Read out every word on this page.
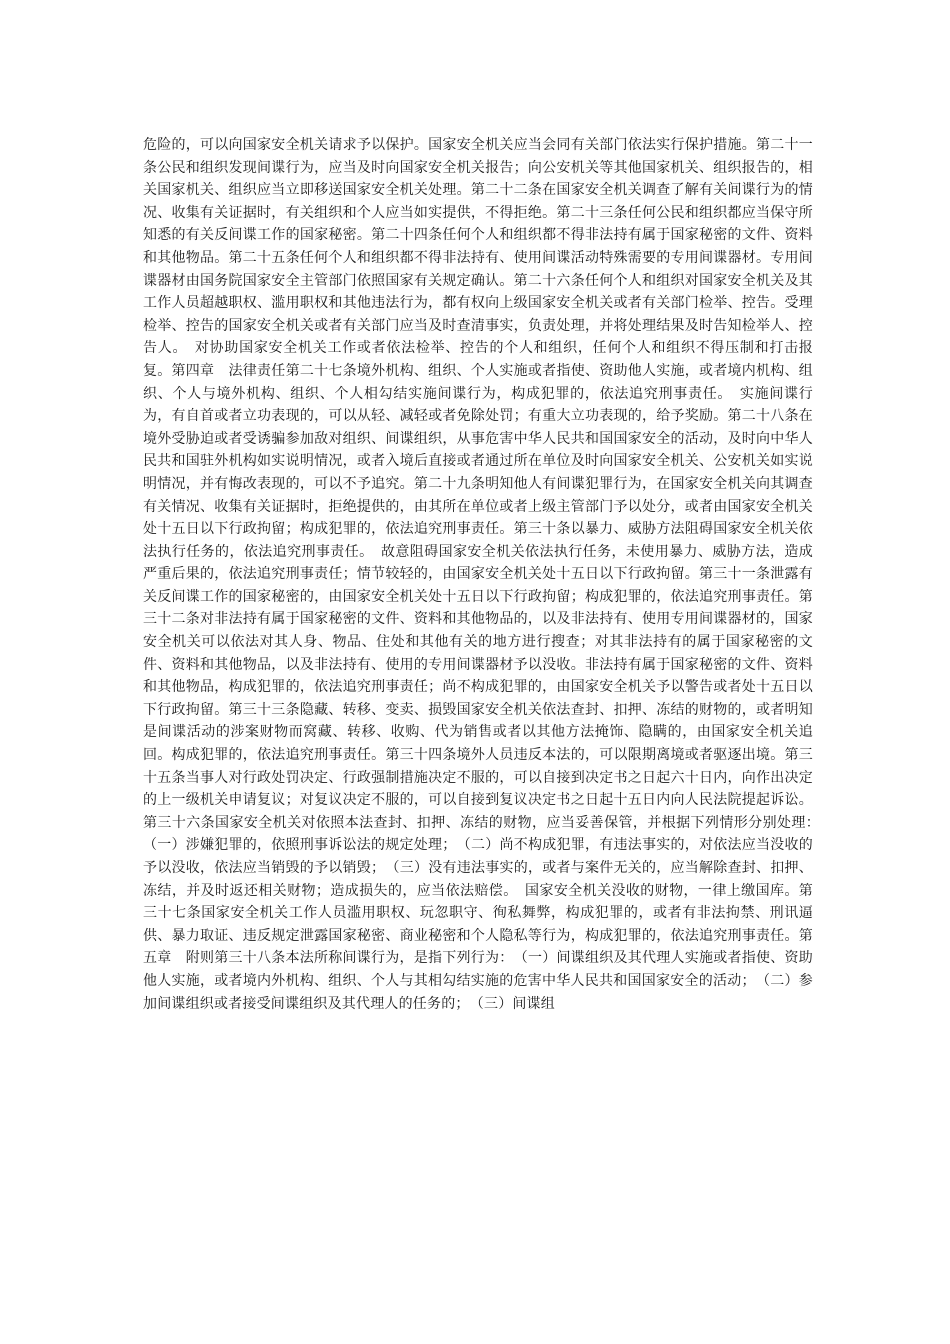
危险的，可以向国家安全机关请求予以保护。国家安全机关应当会同有关部门依法实行保护措施。第二十一条公民和组织发现间谍行为，应当及时向国家安全机关报告；向公安机关等其他国家机关、组织报告的，相关国家机关、组织应当立即移送国家安全机关处理。第二十二条在国家安全机关调查了解有关间谍行为的情况、收集有关证据时，有关组织和个人应当如实提供，不得拒绝。第二十三条任何公民和组织都应当保守所知悉的有关反间谍工作的国家秘密。第二十四条任何个人和组织都不得非法持有属于国家秘密的文件、资料和其他物品。第二十五条任何个人和组织都不得非法持有、使用间谍活动特殊需要的专用间谍器材。专用间谍器材由国务院国家安全主管部门依照国家有关规定确认。第二十六条任何个人和组织对国家安全机关及其工作人员超越职权、滥用职权和其他违法行为，都有权向上级国家安全机关或者有关部门检举、控告。受理检举、控告的国家安全机关或者有关部门应当及时查清事实，负责处理，并将处理结果及时告知检举人、控告人。　对协助国家安全机关工作或者依法检举、控告的个人和组织，任何个人和组织不得压制和打击报复。第四章　法律责任第二十七条境外机构、组织、个人实施或者指使、资助他人实施，或者境内机构、组织、个人与境外机构、组织、个人相勾结实施间谍行为，构成犯罪的，依法追究刑事责任。　实施间谍行为，有自首或者立功表现的，可以从轻、减轻或者免除处罚；有重大立功表现的，给予奖励。第二十八条在境外受胁迫或者受诱骗参加敌对组织、间谍组织，从事危害中华人民共和国国家安全的活动，及时向中华人民共和国驻外机构如实说明情况，或者入境后直接或者通过所在单位及时向国家安全机关、公安机关如实说明情况，并有悔改表现的，可以不予追究。第二十九条明知他人有间谍犯罪行为，在国家安全机关向其调查有关情况、收集有关证据时，拒绝提供的，由其所在单位或者上级主管部门予以处分，或者由国家安全机关处十五日以下行政拘留；构成犯罪的，依法追究刑事责任。第三十条以暴力、威胁方法阻碍国家安全机关依法执行任务的，依法追究刑事责任。　故意阻碍国家安全机关依法执行任务，未使用暴力、威胁方法，造成严重后果的，依法追究刑事责任；情节较轻的，由国家安全机关处十五日以下行政拘留。第三十一条泄露有关反间谍工作的国家秘密的，由国家安全机关处十五日以下行政拘留；构成犯罪的，依法追究刑事责任。第三十二条对非法持有属于国家秘密的文件、资料和其他物品的，以及非法持有、使用专用间谍器材的，国家安全机关可以依法对其人身、物品、住处和其他有关的地方进行搜查；对其非法持有的属于国家秘密的文件、资料和其他物品，以及非法持有、使用的专用间谍器材予以没收。非法持有属于国家秘密的文件、资料和其他物品，构成犯罪的，依法追究刑事责任；尚不构成犯罪的，由国家安全机关予以警告或者处十五日以下行政拘留。第三十三条隐藏、转移、变卖、损毁国家安全机关依法查封、扣押、冻结的财物的，或者明知是间谍活动的涉案财物而窝藏、转移、收购、代为销售或者以其他方法掩饰、隐瞒的，由国家安全机关追回。构成犯罪的，依法追究刑事责任。第三十四条境外人员违反本法的，可以限期离境或者驱逐出境。第三十五条当事人对行政处罚决定、行政强制措施决定不服的，可以自接到决定书之日起六十日内，向作出决定的上一级机关申请复议；对复议决定不服的，可以自接到复议决定书之日起十五日内向人民法院提起诉讼。第三十六条国家安全机关对依照本法查封、扣押、冻结的财物，应当妥善保管，并根据下列情形分别处理：　（一）涉嫌犯罪的，依照刑事诉讼法的规定处理；　（二）尚不构成犯罪，有违法事实的，对依法应当没收的予以没收，依法应当销毁的予以销毁；　（三）没有违法事实的，或者与案件无关的，应当解除查封、扣押、冻结，并及时返还相关财物；造成损失的，应当依法赔偿。　国家安全机关没收的财物，一律上缴国库。第三十七条国家安全机关工作人员滥用职权、玩忽职守、徇私舞弊，构成犯罪的，或者有非法拘禁、刑讯逼供、暴力取证、违反规定泄露国家秘密、商业秘密和个人隐私等行为，构成犯罪的，依法追究刑事责任。第五章　附则第三十八条本法所称间谍行为，是指下列行为：　（一）间谍组织及其代理人实施或者指使、资助他人实施，或者境内外机构、组织、个人与其相勾结实施的危害中华人民共和国国家安全的活动；　（二）参加间谍组织或者接受间谍组织及其代理人的任务的；　（三）间谍组
